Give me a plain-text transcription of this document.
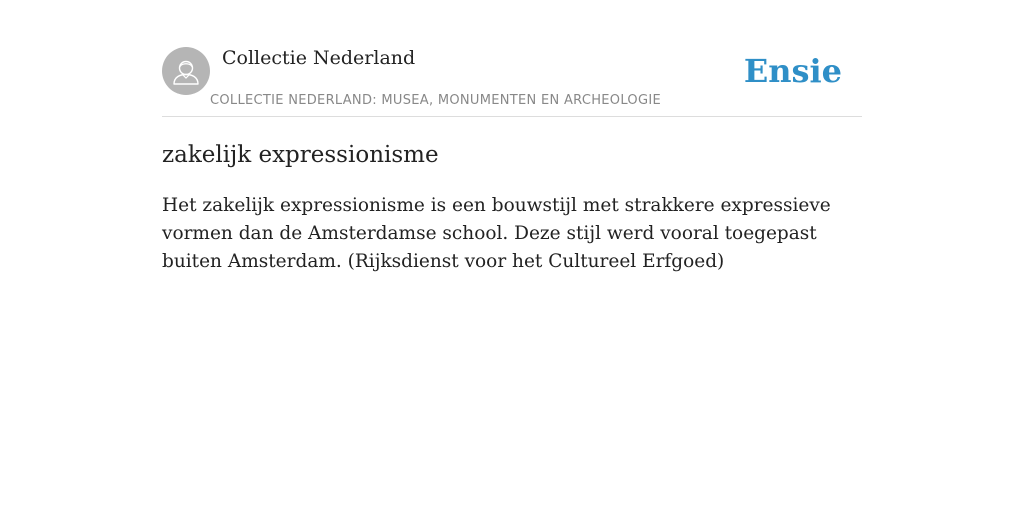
Collectie Nederland
COLLECTIE NEDERLAND: MUSEA, MONUMENTEN EN ARCHEOLOGIE
Ensie
zakelijk expressionisme

Het zakelijk expressionisme is een bouwstijl met strakkere expressieve vormen dan de Amsterdamse school. Deze stijl werd vooral toegepast buiten Amsterdam. (Rijksdienst voor het Cultureel Erfgoed)
